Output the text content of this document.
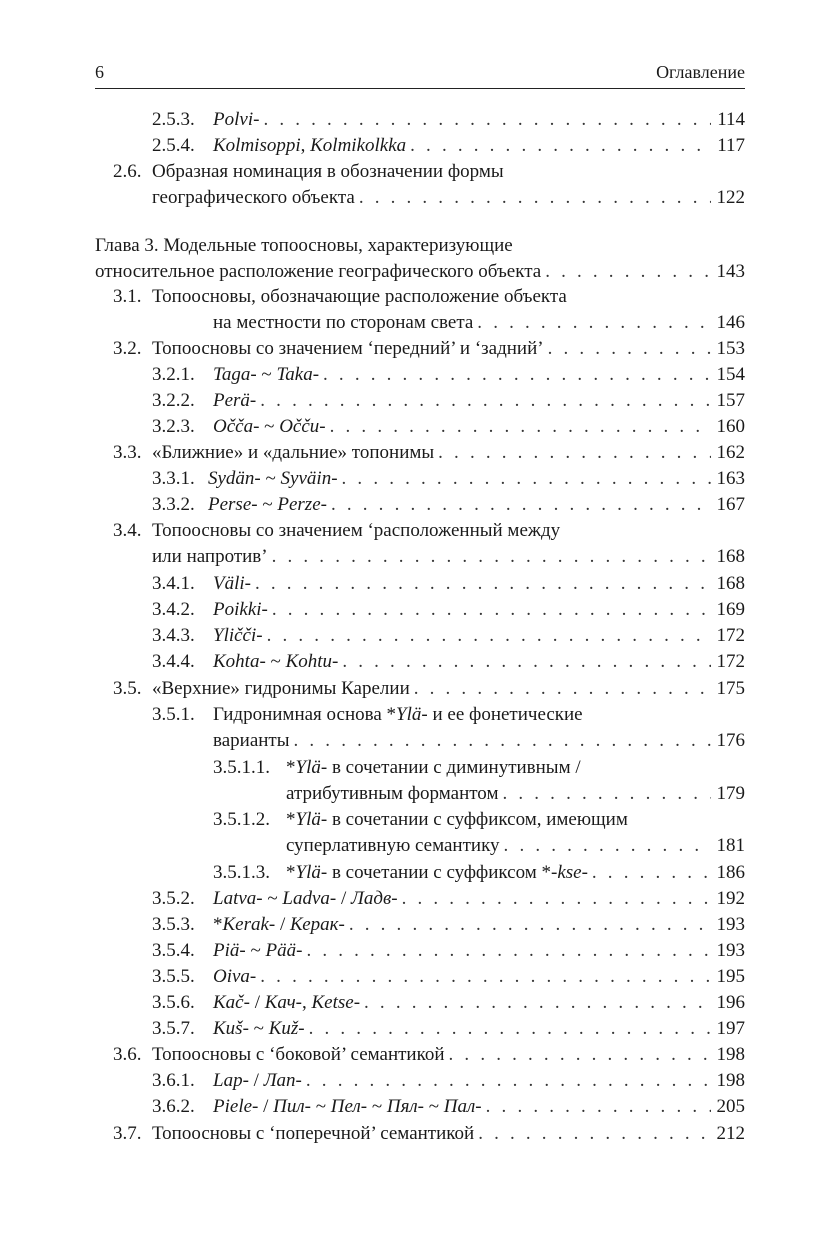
6	Оглавление
2.5.3. Polvi- . . .	114
2.5.4. Kolmisoppi, Kolmikolkka . . .	117
2.6. Образная номинация в обозначении формы
географического объекта . . .	122
Глава 3. Модельные топоосновы, характеризующие
относительное расположение географического объекта . . .	143
3.1. Топоосновы, обозначающие расположение объекта
на местности по сторонам света . . .	146
3.2. Топоосновы со значением ‘передний’ и ‘задний’ . . .	153
3.2.1. Taga- ~ Taka- . . .	154
3.2.2. Perä- . . .	157
3.2.3. Oččа- ~ Oččи- . . .	160
3.3. «Ближние» и «дальние» топонимы . . .	162
3.3.1. Sydän- ~ Syväin- . . .	163
3.3.2. Perse- ~ Perze- . . .	167
3.4. Топоосновы со значением ‘расположенный между
или напротив’ . . .	168
3.4.1. Väli- . . .	168
3.4.2. Poikki- . . .	169
3.4.3. Yličči- . . .	172
3.4.4. Kohta- ~ Kohtu- . . .	172
3.5. «Верхние» гидронимы Карелии . . .	175
3.5.1. Гидронимная основа *Ylä- и ее фонетические
варианты . . .	176
3.5.1.1. *Ylä- в сочетании с диминутивным /
атрибутивным формантом . . .	179
3.5.1.2. *Ylä- в сочетании с суффиксом, имеющим
суперлативную семантику . . .	181
3.5.1.3. *Ylä- в сочетании с суффиксом *-kse- . . .	186
3.5.2. Latva- ~ Ladva- / Ладв- . . .	192
3.5.3. *Kerak- / Керак- . . .	193
3.5.4. Piä- ~ Pää- . . .	193
3.5.5. Oiva- . . .	195
3.5.6. Kač- / Кач-, Ketse- . . .	196
3.5.7. Kuš- ~ Kuž- . . .	197
3.6. Топоосновы с ‘боковой’ семантикой . . .	198
3.6.1. Lap- / Лап- . . .	198
3.6.2. Piele- / Пил- ~ Пел- ~ Пял- ~ Пал- . . .	205
3.7. Топоосновы с ‘поперечной’ семантикой . . .	212
